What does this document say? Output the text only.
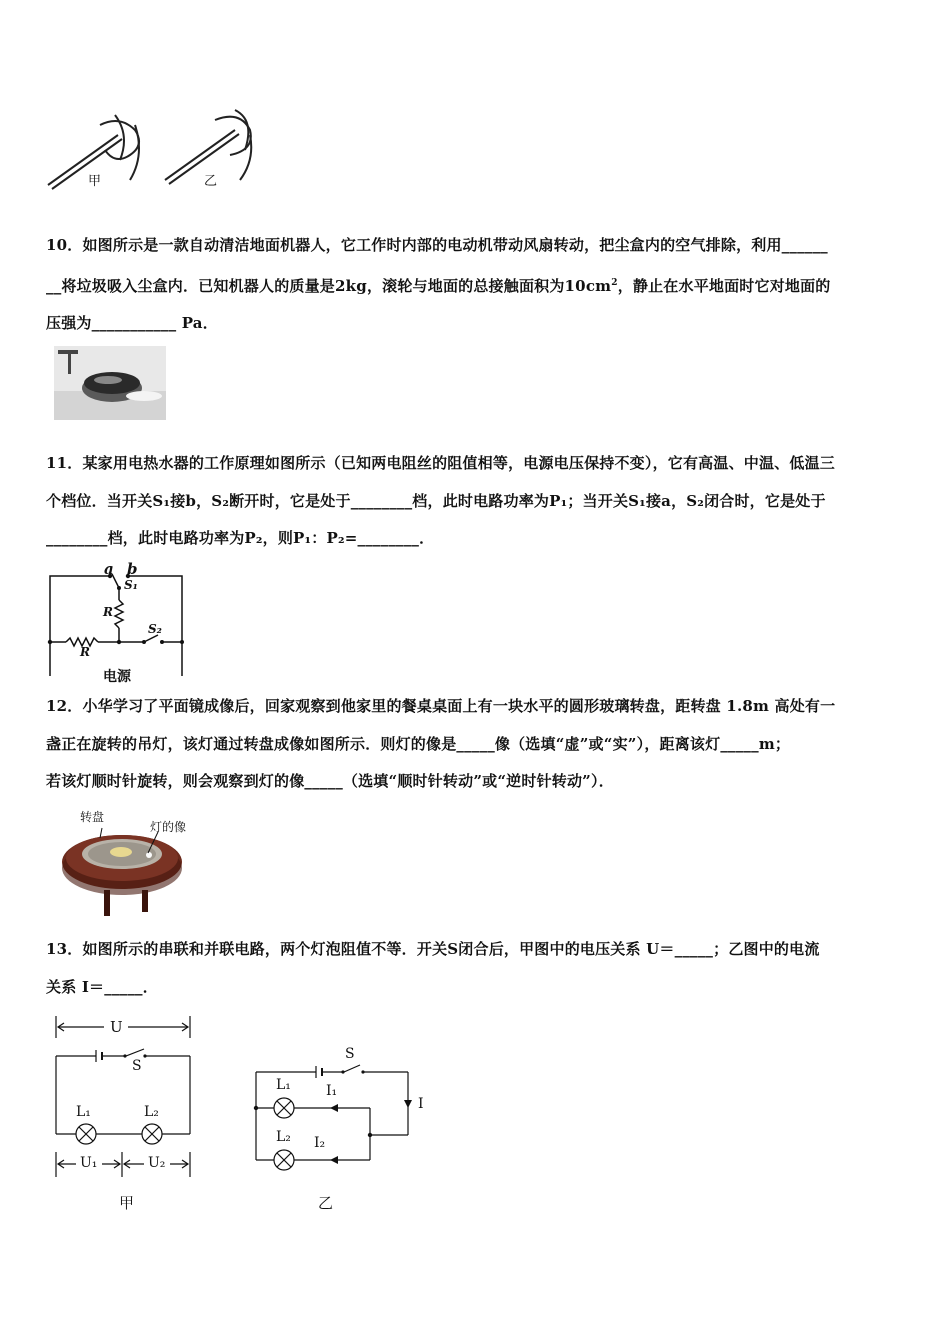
甲	乙
10．如图所示是一款自动清洁地面机器人，它工作时内部的电动机带动风扇转动，把尘盒内的空气排除，利用______
__将垃圾吸入尘盒内．已知机器人的质量是2kg，滚轮与地面的总接触面积为$10cm^2$，静止在水平地面时它对地面的
压强为___________ Pa．
11．某家用电热水器的工作原理如图所示（已知两电阻丝的阻值相等，电源电压保持不变），它有高温、中温、低温三
个档位．当开关S₁接b，S₂断开时，它是处于________档，此时电路功率为P₁；当开关S₁接a，S₂闭合时，它是处于
________档，此时电路功率为P₂，则P₁：P₂=________．
a b
S₁
R
S₂
R
电源
12．小华学习了平面镜成像后，回家观察到他家里的餐桌桌面上有一块水平的圆形玻璃转盘，距转盘 1.8m 高处有一
盏正在旋转的吊灯，该灯通过转盘成像如图所示．则灯的像是_____像（选填“虚”或“实”），距离该灯_____m；
若该灯顺时针旋转，则会观察到灯的像_____（选填“顺时针转动”或“逆时针转动”）．
转盘
灯的像
13．如图所示的串联和并联电路，两个灯泡阻值不等．开关S闭合后，甲图中的电压关系 U＝_____；乙图中的电流
关系 I＝_____．
U
S
L₁	L₂
U₁	U₂
甲
S
L₁	I₁
I
L₂ I₂
乙
